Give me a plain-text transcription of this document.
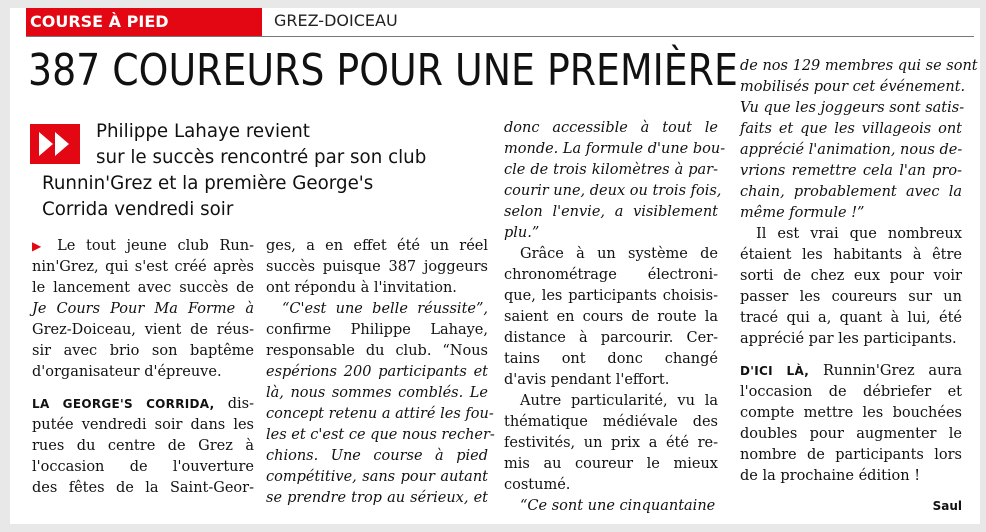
COURSE À PIED	GREZ-DOICEAU
387 COUREURS POUR UNE PREMIÈRE
Philippe Lahaye revient
sur le succès rencontré par son club
Runnin'Grez et la première George's
Corrida vendredi soir
▶ Le tout jeune club Run-
nin'Grez, qui s'est créé après
le lancement avec succès de
Je Cours Pour Ma Forme à
Grez-Doiceau, vient de réus-
sir avec brio son baptême
d'organisateur d'épreuve.
LA GEORGE'S CORRIDA, dis-
putée vendredi soir dans les
rues du centre de Grez à
l'occasion de l'ouverture
des fêtes de la Saint-Geor-
ges, a en effet été un réel
succès puisque 387 joggeurs
ont répondu à l'invitation.
“C'est une belle réussite”,
confirme Philippe Lahaye,
responsable du club. “Nous
espérions 200 participants et
là, nous sommes comblés. Le
concept retenu a attiré les fou-
les et c'est ce que nous recher-
chions. Une course à pied
compétitive, sans pour autant
se prendre trop au sérieux, et
donc accessible à tout le
monde. La formule d'une bou-
cle de trois kilomètres à par-
courir une, deux ou trois fois,
selon l'envie, a visiblement
plu.”
Grâce à un système de
chronométrage électroni-
que, les participants choisis-
saient en cours de route la
distance à parcourir. Cer-
tains ont donc changé
d'avis pendant l'effort.
Autre particularité, vu la
thématique médiévale des
festivités, un prix a été re-
mis au coureur le mieux
costumé.
“Ce sont une cinquantaine
de nos 129 membres qui se sont
mobilisés pour cet événement.
Vu que les joggeurs sont satis-
faits et que les villageois ont
apprécié l'animation, nous de-
vrions remettre cela l'an pro-
chain, probablement avec la
même formule !”
Il est vrai que nombreux
étaient les habitants à être
sorti de chez eux pour voir
passer les coureurs sur un
tracé qui a, quant à lui, été
apprécié par les participants.
D'ICI LÀ, Runnin'Grez aura
l'occasion de débriefer et
compte mettre les bouchées
doubles pour augmenter le
nombre de participants lors
de la prochaine édition !
Saul
